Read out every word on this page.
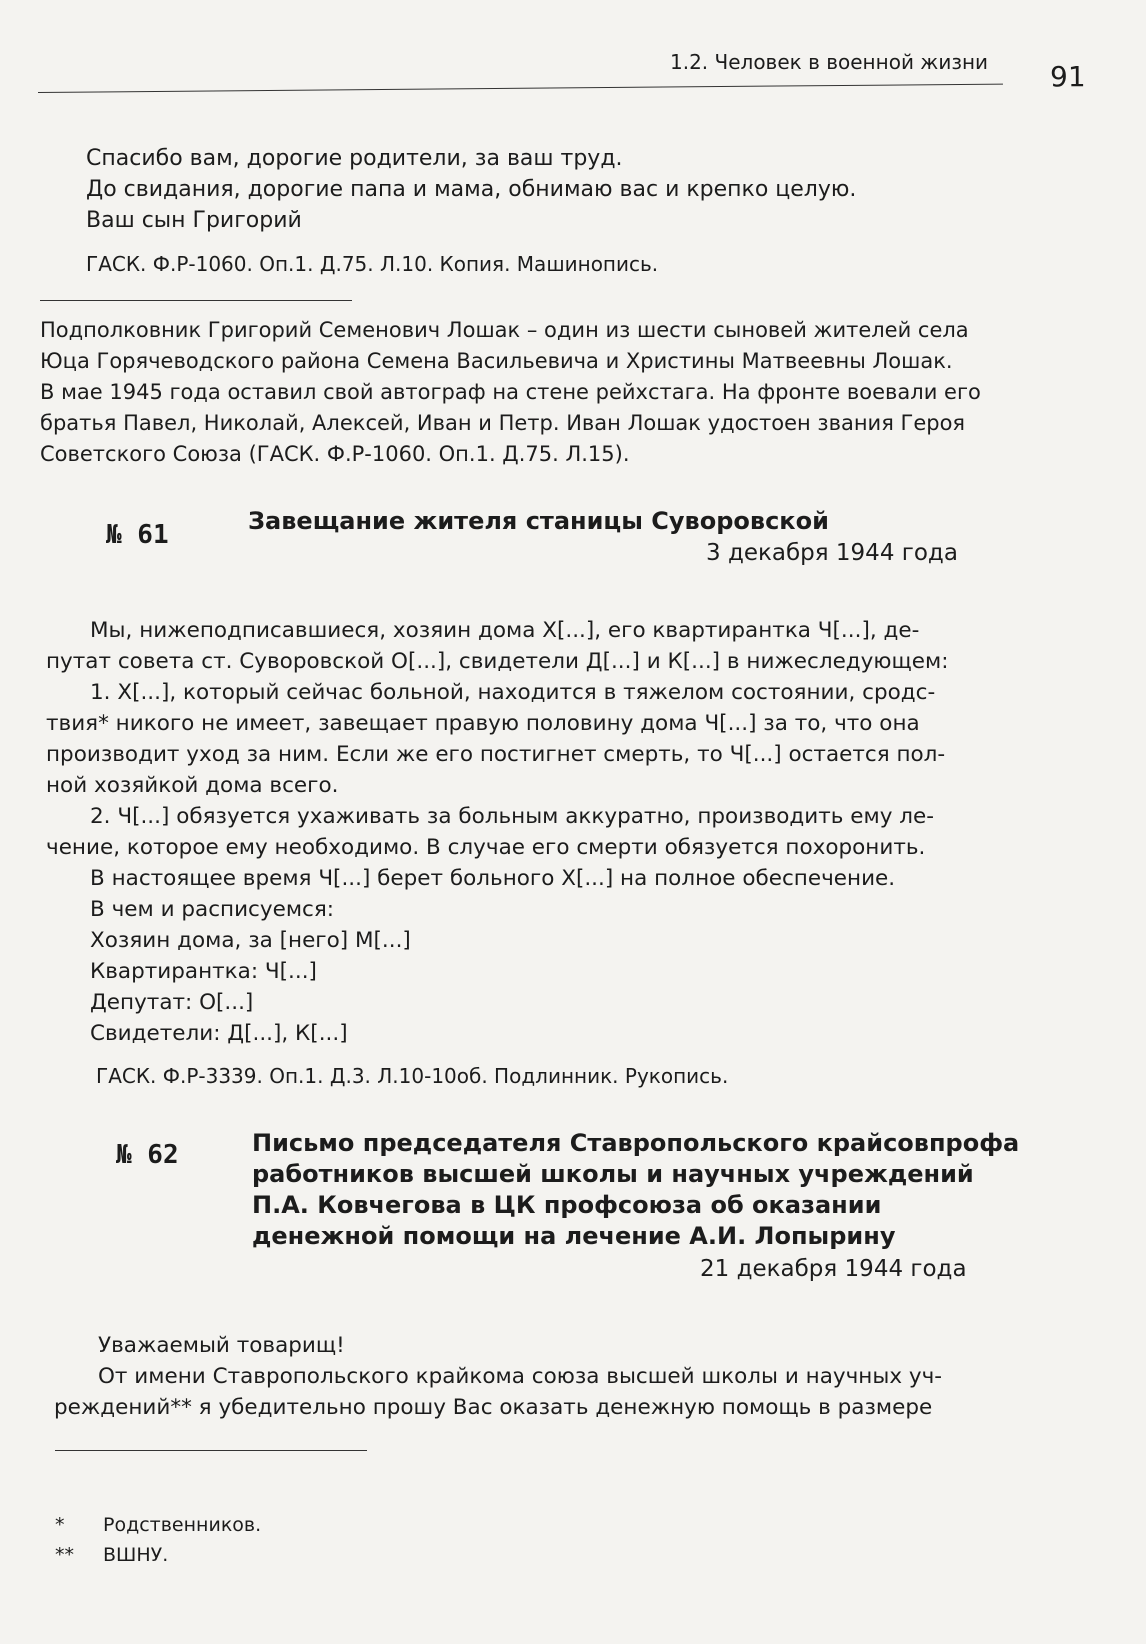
1.2. Человек в военной жизни 91
Спасибо вам, дорогие родители, за ваш труд.
До свидания, дорогие папа и мама, обнимаю вас и крепко целую.
Ваш сын Григорий
ГАСК. Ф.Р-1060. Оп.1. Д.75. Л.10. Копия. Машинопись.
Подполковник Григорий Семенович Лошак – один из шести сыновей жителей села
Юца Горячеводского района Семена Васильевича и Христины Матвеевны Лошак.
В мае 1945 года оставил свой автограф на стене рейхстага. На фронте воевали его
братья Павел, Николай, Алексей, Иван и Петр. Иван Лошак удостоен звания Героя
Советского Союза (ГАСК. Ф.Р-1060. Оп.1. Д.75. Л.15).
№ 61	Завещание жителя станицы Суворовской
3 декабря 1944 года
Мы, нижеподписавшиеся, хозяин дома Х[...], его квартирантка Ч[...], де-
путат совета ст. Суворовской О[...], свидетели Д[...] и К[...] в нижеследующем:
1. Х[...], который сейчас больной, находится в тяжелом состоянии, сродс-
твия* никого не имеет, завещает правую половину дома Ч[...] за то, что она
производит уход за ним. Если же его постигнет смерть, то Ч[...] остается пол-
ной хозяйкой дома всего.
2. Ч[...] обязуется ухаживать за больным аккуратно, производить ему ле-
чение, которое ему необходимо. В случае его смерти обязуется похоронить.
В настоящее время Ч[...] берет больного Х[...] на полное обеспечение.
В чем и расписуемся:
Хозяин дома, за [него] М[...]
Квартирантка: Ч[...]
Депутат: О[...]
Свидетели: Д[...], К[...]
ГАСК. Ф.Р-3339. Оп.1. Д.3. Л.10-10об. Подлинник. Рукопись.
№ 62	Письмо председателя Ставропольского крайсовпрофа
работников высшей школы и научных учреждений
П.А. Ковчегова в ЦК профсоюза об оказании
денежной помощи на лечение А.И. Лопырину
21 декабря 1944 года
Уважаемый товарищ!
От имени Ставропольского крайкома союза высшей школы и научных уч-
реждений** я убедительно прошу Вас оказать денежную помощь в размере
* Родственников.
** ВШНУ.
